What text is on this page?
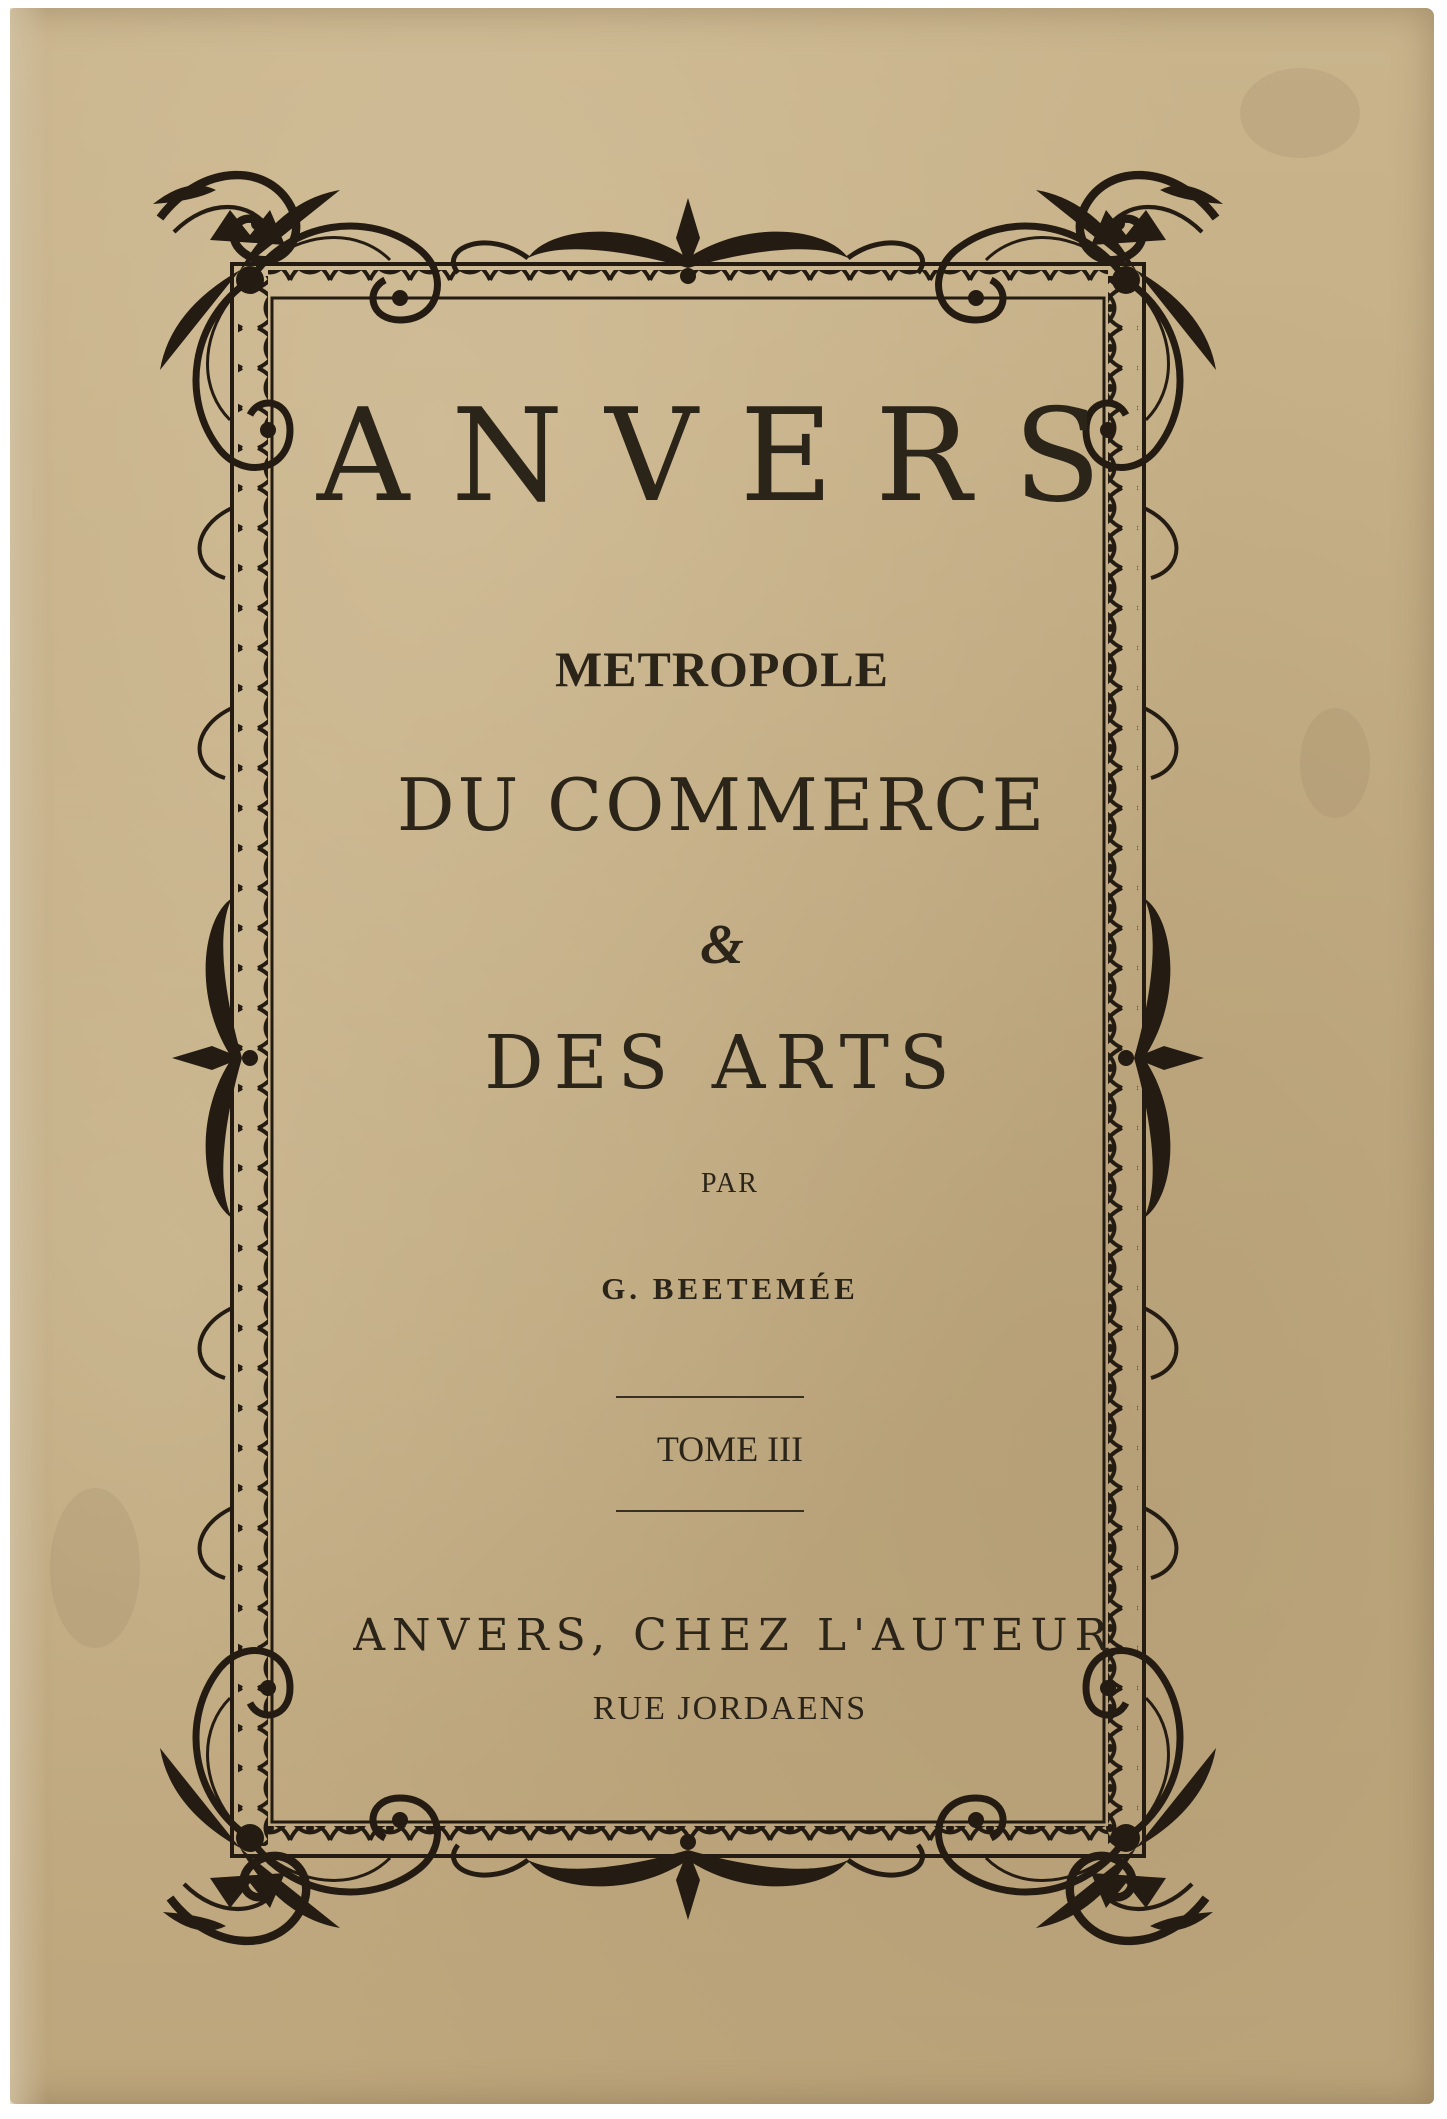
ANVERS

METROPOLE

DU COMMERCE

&

DES ARTS

PAR

G. BEETEMÉE

TOME III

ANVERS, CHEZ L'AUTEUR

RUE JORDAENS
